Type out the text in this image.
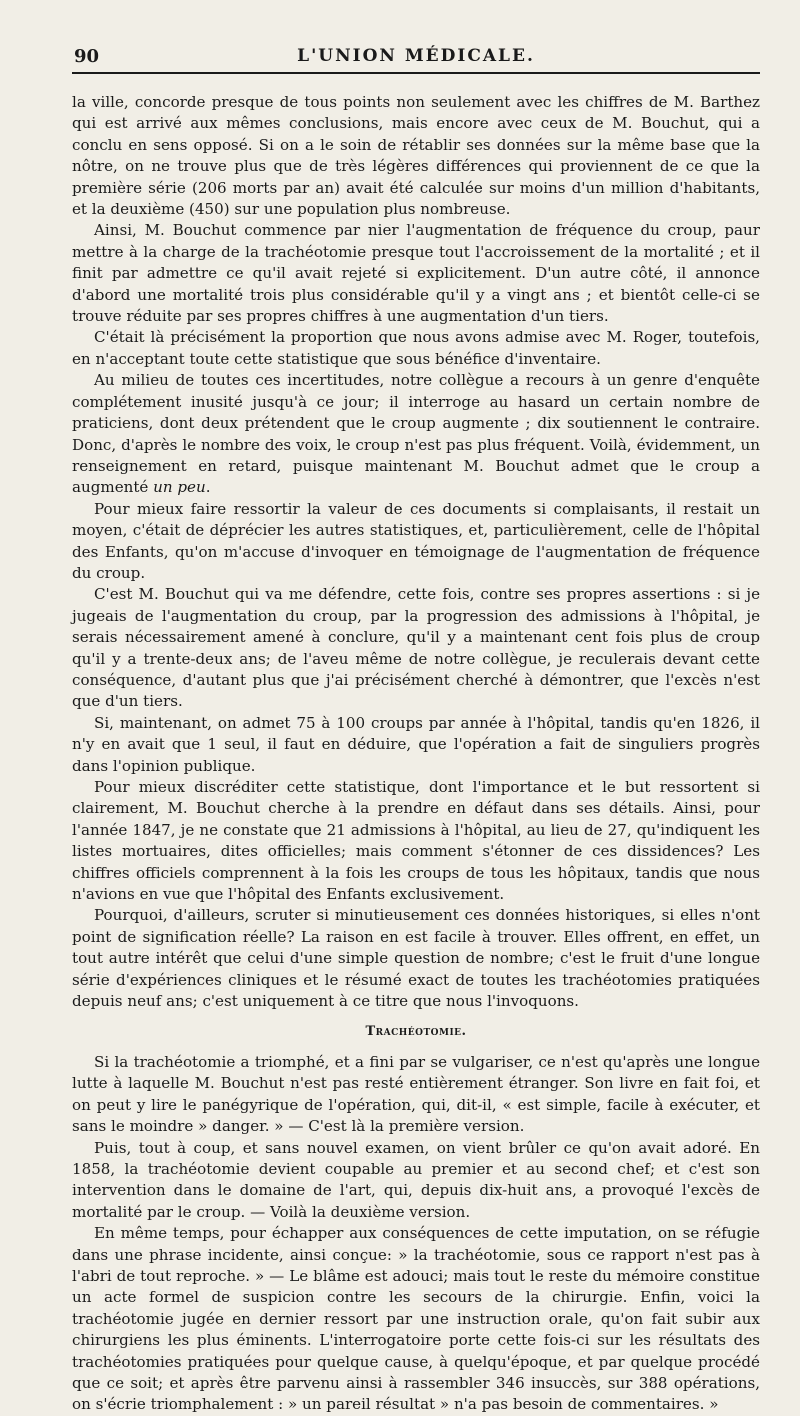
90	L'UNION MÉDICALE.

la ville, concorde presque de tous points non seulement avec les chiffres de M. Barthez qui est arrivé aux mêmes conclusions, mais encore avec ceux de M. Bouchut, qui a conclu en sens opposé. Si on a le soin de rétablir ses données sur la même base que la nôtre, on ne trouve plus que de très légères différences qui proviennent de ce que la première série (206 morts par an) avait été calculée sur moins d'un million d'habitants, et la deuxième (450) sur une population plus nombreuse.

Ainsi, M. Bouchut commence par nier l'augmentation de fréquence du croup, paur mettre à la charge de la trachéotomie presque tout l'accroissement de la mortalité ; et il finit par admettre ce qu'il avait rejeté si explicitement. D'un autre côté, il annonce d'abord une mortalité trois plus considérable qu'il y a vingt ans ; et bientôt celle-ci se trouve réduite par ses propres chiffres à une augmentation d'un tiers.

C'était là précisément la proportion que nous avons admise avec M. Roger, toutefois, en n'acceptant toute cette statistique que sous bénéfice d'inventaire.

Au milieu de toutes ces incertitudes, notre collègue a recours à un genre d'enquête complétement inusité jusqu'à ce jour; il interroge au hasard un certain nombre de praticiens, dont deux prétendent que le croup augmente ; dix soutiennent le contraire. Donc, d'après le nombre des voix, le croup n'est pas plus fréquent. Voilà, évidemment, un renseignement en retard, puisque maintenant M. Bouchut admet que le croup a augmenté un peu.

Pour mieux faire ressortir la valeur de ces documents si complaisants, il restait un moyen, c'était de déprécier les autres statistiques, et, particulièrement, celle de l'hôpital des Enfants, qu'on m'accuse d'invoquer en témoignage de l'augmentation de fréquence du croup.

C'est M. Bouchut qui va me défendre, cette fois, contre ses propres assertions : si je jugeais de l'augmentation du croup, par la progression des admissions à l'hôpital, je serais nécessairement amené à conclure, qu'il y a maintenant cent fois plus de croup qu'il y a trente-deux ans; de l'aveu même de notre collègue, je reculerais devant cette conséquence, d'autant plus que j'ai précisément cherché à démontrer, que l'excès n'est que d'un tiers.

Si, maintenant, on admet 75 à 100 croups par année à l'hôpital, tandis qu'en 1826, il n'y en avait que 1 seul, il faut en déduire, que l'opération a fait de singuliers progrès dans l'opinion publique.

Pour mieux discréditer cette statistique, dont l'importance et le but ressortent si clairement, M. Bouchut cherche à la prendre en défaut dans ses détails. Ainsi, pour l'année 1847, je ne constate que 21 admissions à l'hôpital, au lieu de 27, qu'indiquent les listes mortuaires, dites officielles; mais comment s'étonner de ces dissidences? Les chiffres officiels comprennent à la fois les croups de tous les hôpitaux, tandis que nous n'avions en vue que l'hôpital des Enfants exclusivement.

Pourquoi, d'ailleurs, scruter si minutieusement ces données historiques, si elles n'ont point de signification réelle? La raison en est facile à trouver. Elles offrent, en effet, un tout autre intérêt que celui d'une simple question de nombre; c'est le fruit d'une longue série d'expériences cliniques et le résumé exact de toutes les trachéotomies pratiquées depuis neuf ans; c'est uniquement à ce titre que nous l'invoquons.

Trachéotomie.

Si la trachéotomie a triomphé, et a fini par se vulgariser, ce n'est qu'après une longue lutte à laquelle M. Bouchut n'est pas resté entièrement étranger. Son livre en fait foi, et on peut y lire le panégyrique de l'opération, qui, dit-il, « est simple, facile à exécuter, et sans le moindre » danger. » — C'est là la première version.

Puis, tout à coup, et sans nouvel examen, on vient brûler ce qu'on avait adoré. En 1858, la trachéotomie devient coupable au premier et au second chef; et c'est son intervention dans le domaine de l'art, qui, depuis dix-huit ans, a provoqué l'excès de mortalité par le croup. — Voilà la deuxième version.

En même temps, pour échapper aux conséquences de cette imputation, on se réfugie dans une phrase incidente, ainsi conçue: » la trachéotomie, sous ce rapport n'est pas à l'abri de tout reproche. » — Le blâme est adouci; mais tout le reste du mémoire constitue un acte formel de suspicion contre les secours de la chirurgie. Enfin, voici la trachéotomie jugée en dernier ressort par une instruction orale, qu'on fait subir aux chirurgiens les plus éminents. L'interrogatoire porte cette fois-ci sur les résultats des trachéotomies pratiquées pour quelque cause, à quelqu'époque, et par quelque procédé que ce soit; et après être parvenu ainsi à rassembler 346 insuccès, sur 388 opérations, on s'écrie triomphalement : » un pareil résultat » n'a pas besoin de commentaires. »
